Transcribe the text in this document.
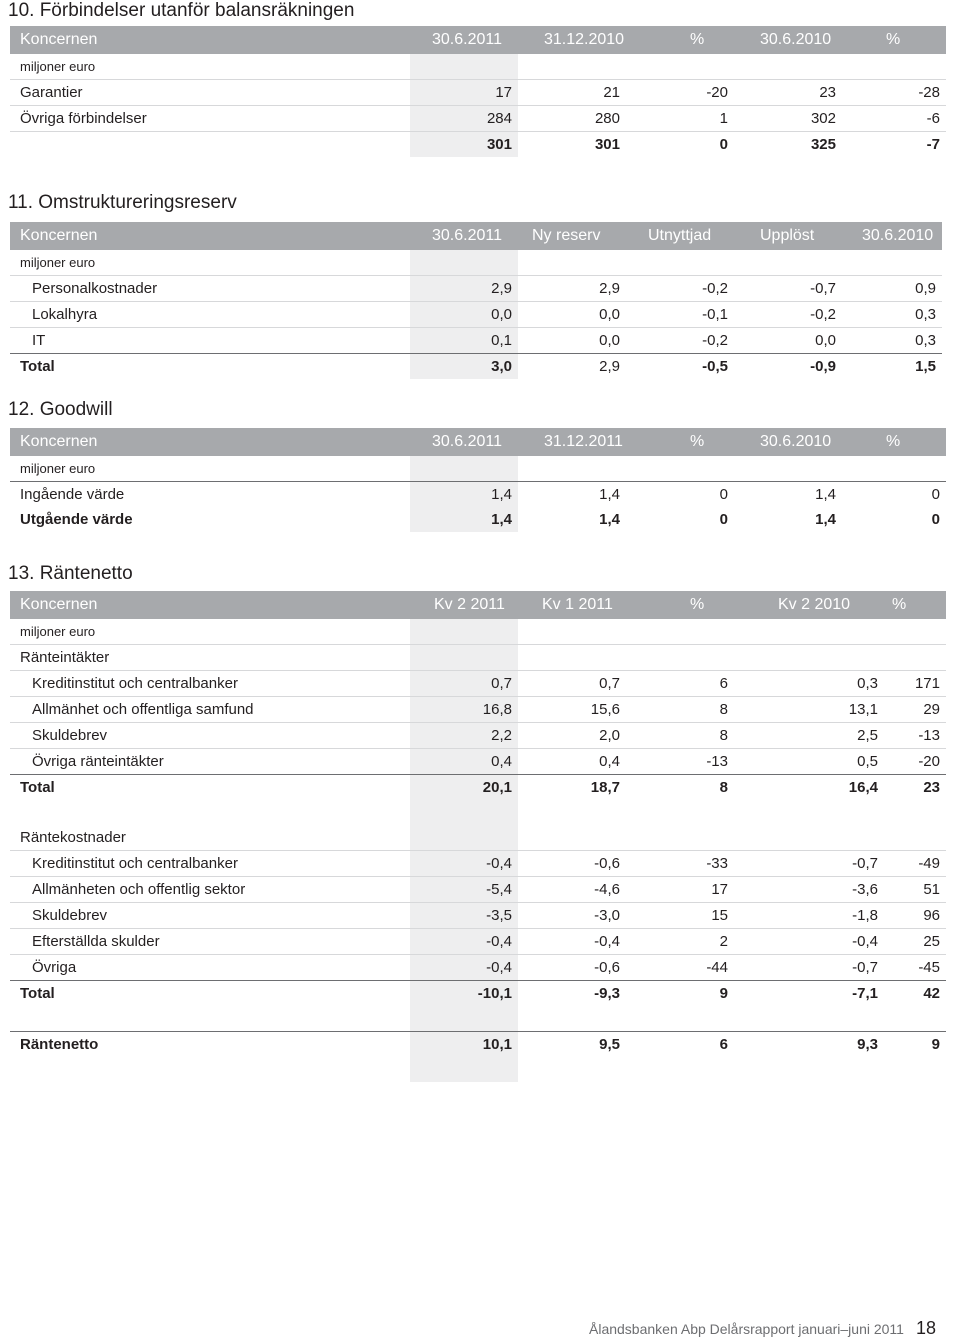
10. Förbindelser utanför balansräkningen
Koncernen	30.6.2011	31.12.2010	%	30.6.2010	%
miljoner euro					
Garantier	17	21	-20	23	-28
Övriga förbindelser	284	280	1	302	-6
	301	301	0	325	-7
11. Omstruktureringsreserv
Koncernen	30.6.2011	Ny reserv	Utnyttjad	Upplöst	30.6.2010
miljoner euro					
Personalkostnader	2,9	2,9	-0,2	-0,7	0,9
Lokalhyra	0,0	0,0	-0,1	-0,2	0,3
IT	0,1	0,0	-0,2	0,0	0,3
Total	3,0	2,9	-0,5	-0,9	1,5
12. Goodwill
Koncernen	30.6.2011	31.12.2011	%	30.6.2010	%
miljoner euro					
Ingående värde	1,4	1,4	0	1,4	0
Utgående värde	1,4	1,4	0	1,4	0
13. Räntenetto
Koncernen	Kv 2 2011	Kv 1 2011	%	Kv 2 2010	%
miljoner euro					
Ränteintäkter					
Kreditinstitut och centralbanker	0,7	0,7	6	0,3	171
Allmänhet och offentliga samfund	16,8	15,6	8	13,1	29
Skuldebrev	2,2	2,0	8	2,5	-13
Övriga ränteintäkter	0,4	0,4	-13	0,5	-20
Total	20,1	18,7	8	16,4	23

Räntekostnader					
Kreditinstitut och centralbanker	-0,4	-0,6	-33	-0,7	-49
Allmänheten och offentlig sektor	-5,4	-4,6	17	-3,6	51
Skuldebrev	-3,5	-3,0	15	-1,8	96
Efterställda skulder	-0,4	-0,4	2	-0,4	25
Övriga	-0,4	-0,6	-44	-0,7	-45
Total	-10,1	-9,3	9	-7,1	42

Räntenetto	10,1	9,5	6	9,3	9

Ålandsbanken Abp Delårsrapport januari–juni 2011 18
